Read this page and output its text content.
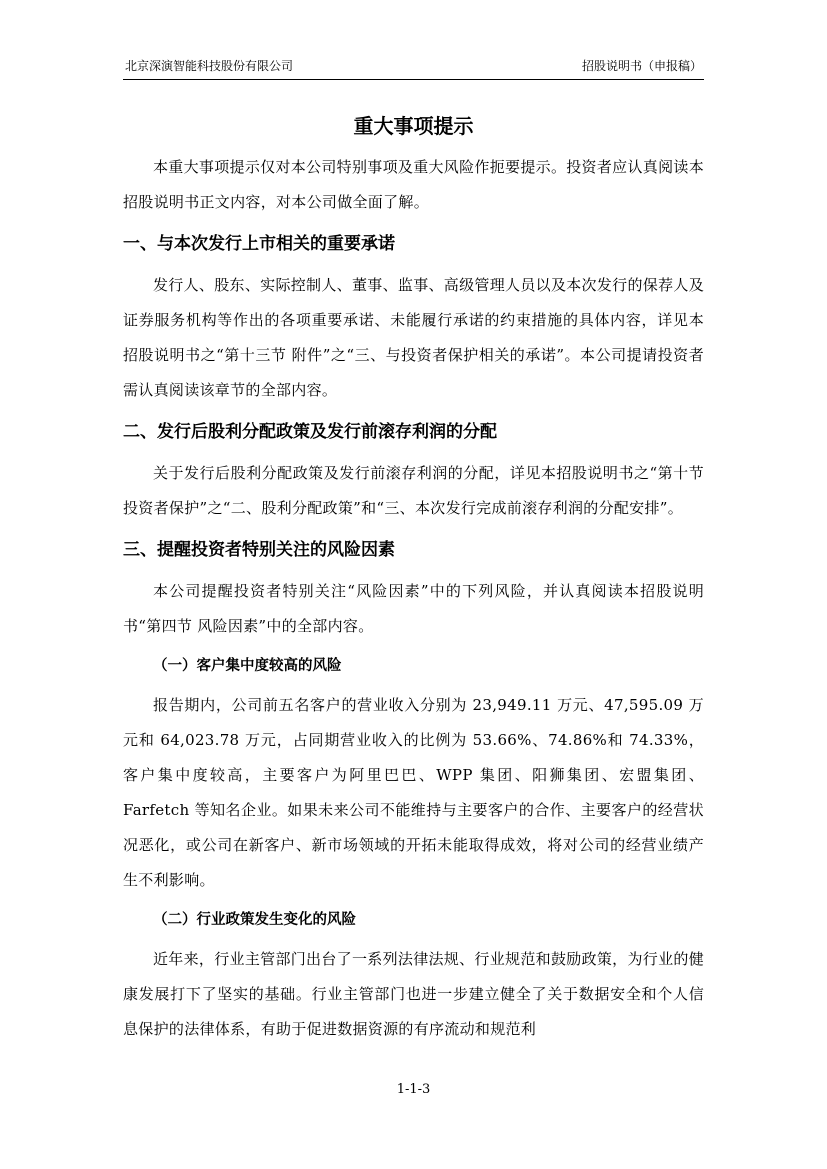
北京深演智能科技股份有限公司	招股说明书（申报稿）
重大事项提示

本重大事项提示仅对本公司特别事项及重大风险作扼要提示。投资者应认真阅读本招股说明书正文内容，对本公司做全面了解。

一、与本次发行上市相关的重要承诺

发行人、股东、实际控制人、董事、监事、高级管理人员以及本次发行的保荐人及证券服务机构等作出的各项重要承诺、未能履行承诺的约束措施的具体内容，详见本招股说明书之“第十三节 附件”之“三、与投资者保护相关的承诺”。本公司提请投资者需认真阅读该章节的全部内容。

二、发行后股利分配政策及发行前滚存利润的分配

关于发行后股利分配政策及发行前滚存利润的分配，详见本招股说明书之“第十节 投资者保护”之“二、股利分配政策”和“三、本次发行完成前滚存利润的分配安排”。

三、提醒投资者特别关注的风险因素

本公司提醒投资者特别关注“风险因素”中的下列风险，并认真阅读本招股说明书“第四节 风险因素”中的全部内容。

（一）客户集中度较高的风险

报告期内，公司前五名客户的营业收入分别为 23,949.11 万元、47,595.09 万元和 64,023.78 万元，占同期营业收入的比例为 53.66%、74.86%和 74.33%，客户集中度较高，主要客户为阿里巴巴、WPP 集团、阳狮集团、宏盟集团、Farfetch 等知名企业。如果未来公司不能维持与主要客户的合作、主要客户的经营状况恶化，或公司在新客户、新市场领域的开拓未能取得成效，将对公司的经营业绩产生不利影响。

（二）行业政策发生变化的风险

近年来，行业主管部门出台了一系列法律法规、行业规范和鼓励政策，为行业的健康发展打下了坚实的基础。行业主管部门也进一步建立健全了关于数据安全和个人信息保护的法律体系，有助于促进数据资源的有序流动和规范利

1-1-3
